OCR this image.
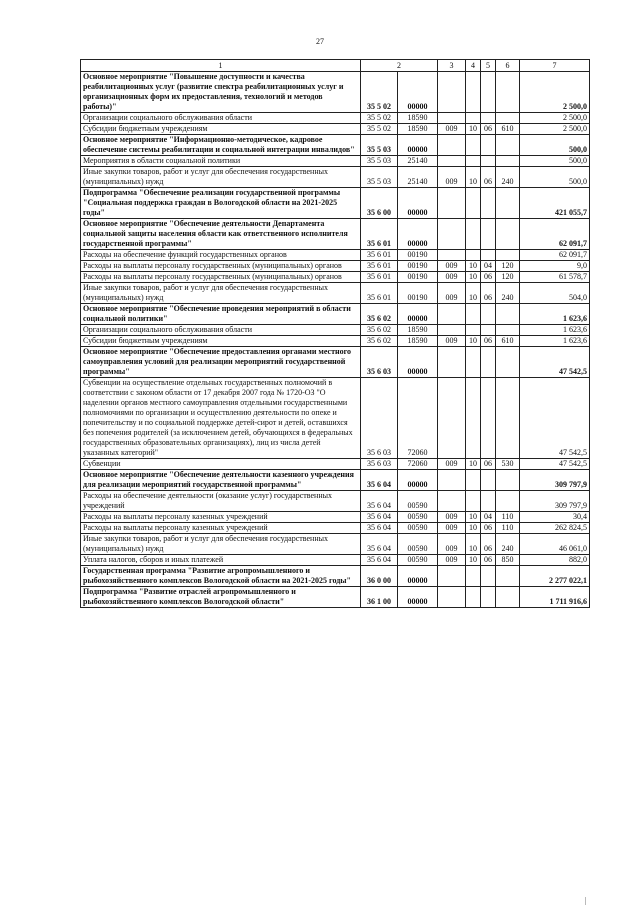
27
1	2		3	4	5	6	7
Основное мероприятие "Повышение доступности и качества реабилитационных услуг (развитие спектра реабилитационных услуг и организационных форм их предоставления, технологий и методов работы)"	35 5 02	00000					2 500,0
Организации социального обслуживания области	35 5 02	18590					2 500,0
Субсидии бюджетным учреждениям	35 5 02	18590	009	10	06	610	2 500,0
Основное мероприятие "Информационно-методическое, кадровое обеспечение системы реабилитации и социальной интеграции инвалидов"	35 5 03	00000					500,0
Мероприятия в области социальной политики	35 5 03	25140					500,0
Иные закупки товаров, работ и услуг для обеспечения государственных (муниципальных) нужд	35 5 03	25140	009	10	06	240	500,0
Подпрограмма "Обеспечение реализации государственной программы "Социальная поддержка граждан в Вологодской области на 2021-2025 годы"	35 6 00	00000					421 055,7
Основное мероприятие "Обеспечение деятельности Департамента социальной защиты населения области как ответственного исполнителя государственной программы"	35 6 01	00000					62 091,7
Расходы на обеспечение функций государственных органов	35 6 01	00190					62 091,7
Расходы на выплаты персоналу государственных (муниципальных) органов	35 6 01	00190	009	10	04	120	9,0
Расходы на выплаты персоналу государственных (муниципальных) органов	35 6 01	00190	009	10	06	120	61 578,7
Иные закупки товаров, работ и услуг для обеспечения государственных (муниципальных) нужд	35 6 01	00190	009	10	06	240	504,0
Основное мероприятие "Обеспечение проведения мероприятий в области социальной политики"	35 6 02	00000					1 623,6
Организации социального обслуживания области	35 6 02	18590					1 623,6
Субсидии бюджетным учреждениям	35 6 02	18590	009	10	06	610	1 623,6
Основное мероприятие "Обеспечение предоставления органами местного самоуправления условий для реализации мероприятий государственной программы"	35 6 03	00000					47 542,5
Субвенции на осуществление отдельных государственных полномочий в соответствии с законом области от 17 декабря 2007 года № 1720-ОЗ "О наделении органов местного самоуправления отдельными государственными полномочиями по организации и осуществлению деятельности по опеке и попечительству и по социальной поддержке детей-сирот и детей, оставшихся без попечения родителей (за исключением детей, обучающихся в федеральных государственных образовательных организациях), лиц из числа детей указанных категорий"	35 6 03	72060					47 542,5
Субвенции	35 6 03	72060	009	10	06	530	47 542,5
Основное мероприятие "Обеспечение деятельности казенного учреждения для реализации мероприятий государственной программы"	35 6 04	00000					309 797,9
Расходы на обеспечение деятельности (оказание услуг) государственных учреждений	35 6 04	00590					309 797,9
Расходы на выплаты персоналу казенных учреждений	35 6 04	00590	009	10	04	110	30,4
Расходы на выплаты персоналу казенных учреждений	35 6 04	00590	009	10	06	110	262 824,5
Иные закупки товаров, работ и услуг для обеспечения государственных (муниципальных) нужд	35 6 04	00590	009	10	06	240	46 061,0
Уплата налогов, сборов и иных платежей	35 6 04	00590	009	10	06	850	882,0
Государственная программа "Развитие агропромышленного и рыбохозяйственного комплексов Вологодской области на 2021-2025 годы"	36 0 00	00000					2 277 022,1
Подпрограмма "Развитие отраслей агропромышленного и рыбохозяйственного комплексов Вологодской области"	36 1 00	00000					1 711 916,6
|
